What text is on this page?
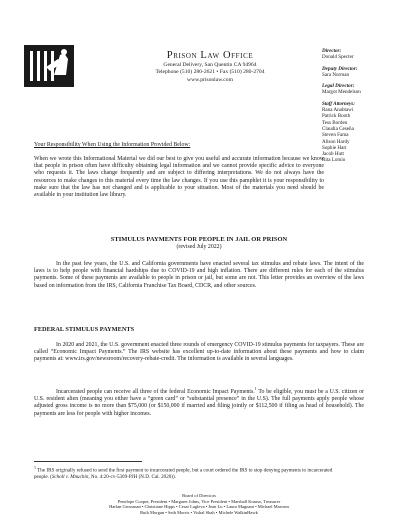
Prison Law Office
General Delivery, San Quentin CA 94964
Telephone (510) 280-2621 • Fax (510) 280-2704
www.prisonlaw.com
Director:
Donald Specter
Deputy Director:
Sara Norman
Legal Director:
Margot Mendelson
Staff Attorneys:
Rana Anabtawi
Patrick Booth
Tess Borden
Claudia Ceseña
Steven Fama
Alison Hardy
Sophie Hart
Jacob Hutt
Rita Lomio
Your Responsibility When Using the Information Provided Below:
When we wrote this Informational Material we did our best to give you useful and accurate information because we know that people in prison often have difficulty obtaining legal information and we cannot provide specific advice to everyone who requests it. The laws change frequently and are subject to differing interpretations. We do not always have the resources to make changes to this material every time the law changes. If you use this pamphlet it is your responsibility to make sure that the law has not changed and is applicable to your situation. Most of the materials you need should be available in your institution law library.
STIMULUS PAYMENTS FOR PEOPLE IN JAIL OR PRISON
(revised July 2022)
In the past few years, the U.S. and California governments have enacted several tax stimulus and rebate laws. The intent of the laws is to help people with financial hardships due to COVID-19 and high inflation. There are different rules for each of the stimulus payments. Some of these payments are available to people in prison or jail, but some are not. This letter provides an overview of the laws based on information from the IRS, California Franchise Tax Board, CDCR, and other sources.
FEDERAL STIMULUS PAYMENTS
In 2020 and 2021, the U.S. government enacted three rounds of emergency COVID-19 stimulus payments for taxpayers. These are called “Economic Impact Payments.” The IRS website has excellent up-to-date information about these payments and how to claim payments at: www.irs.gov/newsroom/recovery-rebate-credit. The information is available in several languages.
Incarcerated people can receive all three of the federal Economic Impact Payments.$^1$ To be eligible, you must be a U.S. citizen or U.S. resident alien (meaning you either have a “green card” or “substantial presence” in the U.S). The full payments apply people whose adjusted gross income is no more than $75,000 (or $150,000 if married and filing jointly or $112,500 if filing as head of household). The payments are less for people with higher incomes.
$^1$ The IRS originally refused to send the first payment to incarcerated people, but a court ordered the IRS to stop denying payments to incarcerated people. (Scholl v. Mnuchin, No. 4:20-cv-5309-PJH (N.D. Cal. 2020)).
Board of Directors
Penelope Cooper, President • Margaret Johns, Vice President • Marshall Krause, Treasurer
Harlan Grossman • Christiane Hipps • Cesar Lagleva • Jean Lu • Laura Magnani • Michael Marcum
Ruth Morgan • Seth Morris • Vishal Shah • Michele WalkinHawk
